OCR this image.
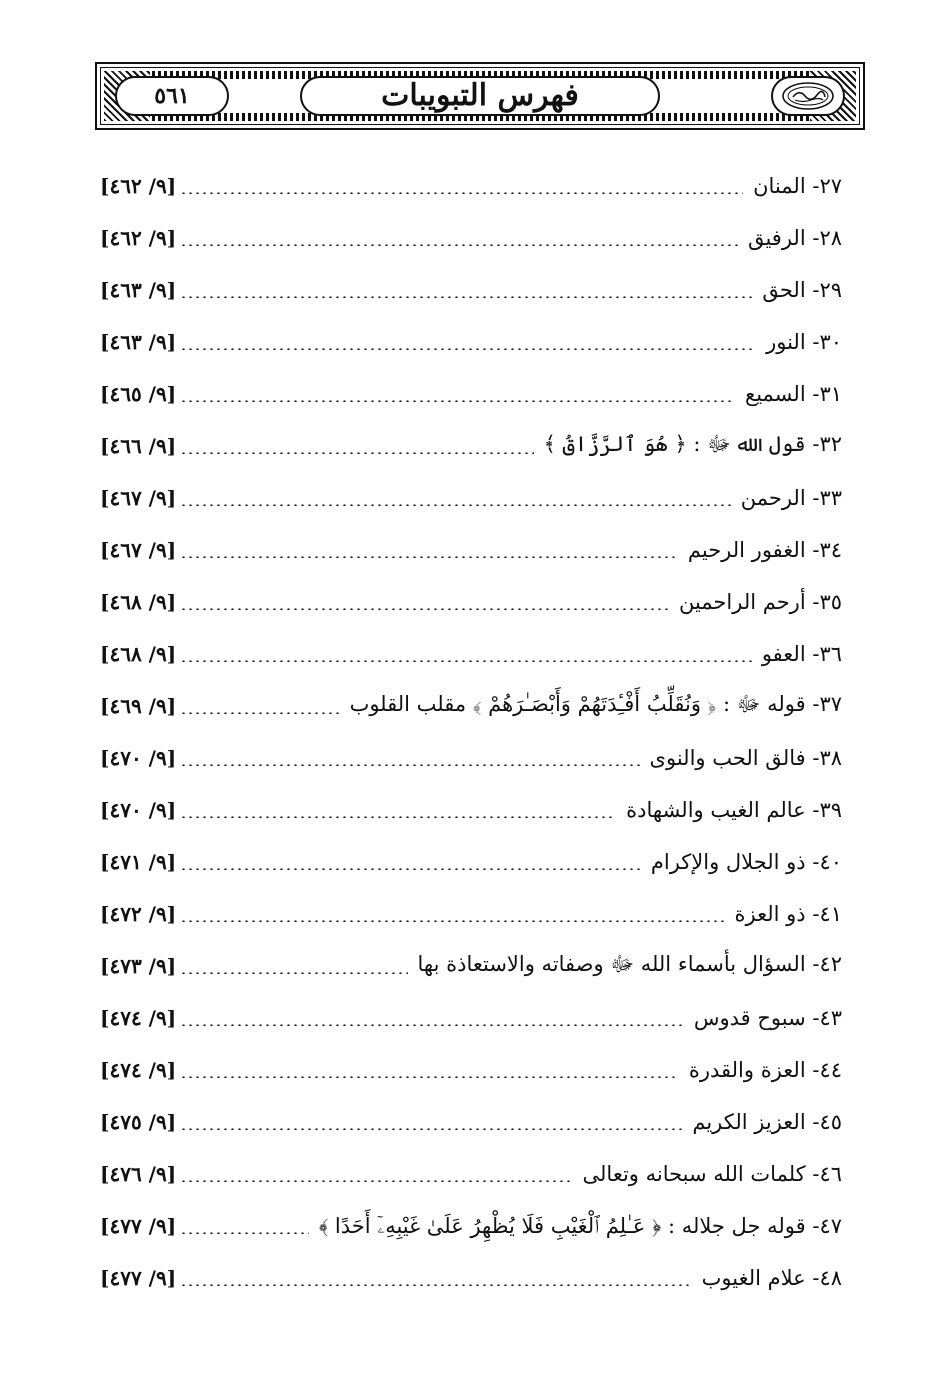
فهرس التبويبات
٥٦١
٢٧- المنان
[٩/ ٤٦٢]
٢٨- الرفيق
[٩/ ٤٦٢]
٢٩- الحق
[٩/ ٤٦٣]
٣٠- النور
[٩/ ٤٦٣]
٣١- السميع
[٩/ ٤٦٥]
٣٢- قول الله ﷻ : ﴿ هُوَ ٱلرَّزَّاقُ ﴾
[٩/ ٤٦٦]
٣٣- الرحمن
[٩/ ٤٦٧]
٣٤- الغفور الرحيم
[٩/ ٤٦٧]
٣٥- أرحم الراحمين
[٩/ ٤٦٨]
٣٦- العفو
[٩/ ٤٦٨]
٣٧- قوله ﷻ : ﴿ وَنُقَلِّبُ أَفْـِٔدَتَهُمْ وَأَبْصَـٰرَهُمْ ﴾ مقلب القلوب
[٩/ ٤٦٩]
٣٨- فالق الحب والنوى
[٩/ ٤٧٠]
٣٩- عالم الغيب والشهادة
[٩/ ٤٧٠]
٤٠- ذو الجلال والإكرام
[٩/ ٤٧١]
٤١- ذو العزة
[٩/ ٤٧٢]
٤٢- السؤال بأسماء الله ﷻ وصفاته والاستعاذة بها
[٩/ ٤٧٣]
٤٣- سبوح قدوس
[٩/ ٤٧٤]
٤٤- العزة والقدرة
[٩/ ٤٧٤]
٤٥- العزيز الكريم
[٩/ ٤٧٥]
٤٦- كلمات الله سبحانه وتعالى
[٩/ ٤٧٦]
٤٧- قوله جل جلاله : ﴿ عَـٰلِمُ ٱلْغَيْبِ فَلَا يُظْهِرُ عَلَىٰ غَيْبِهِۦٓ أَحَدًا ﴾
[٩/ ٤٧٧]
٤٨- علام الغيوب
[٩/ ٤٧٧]
